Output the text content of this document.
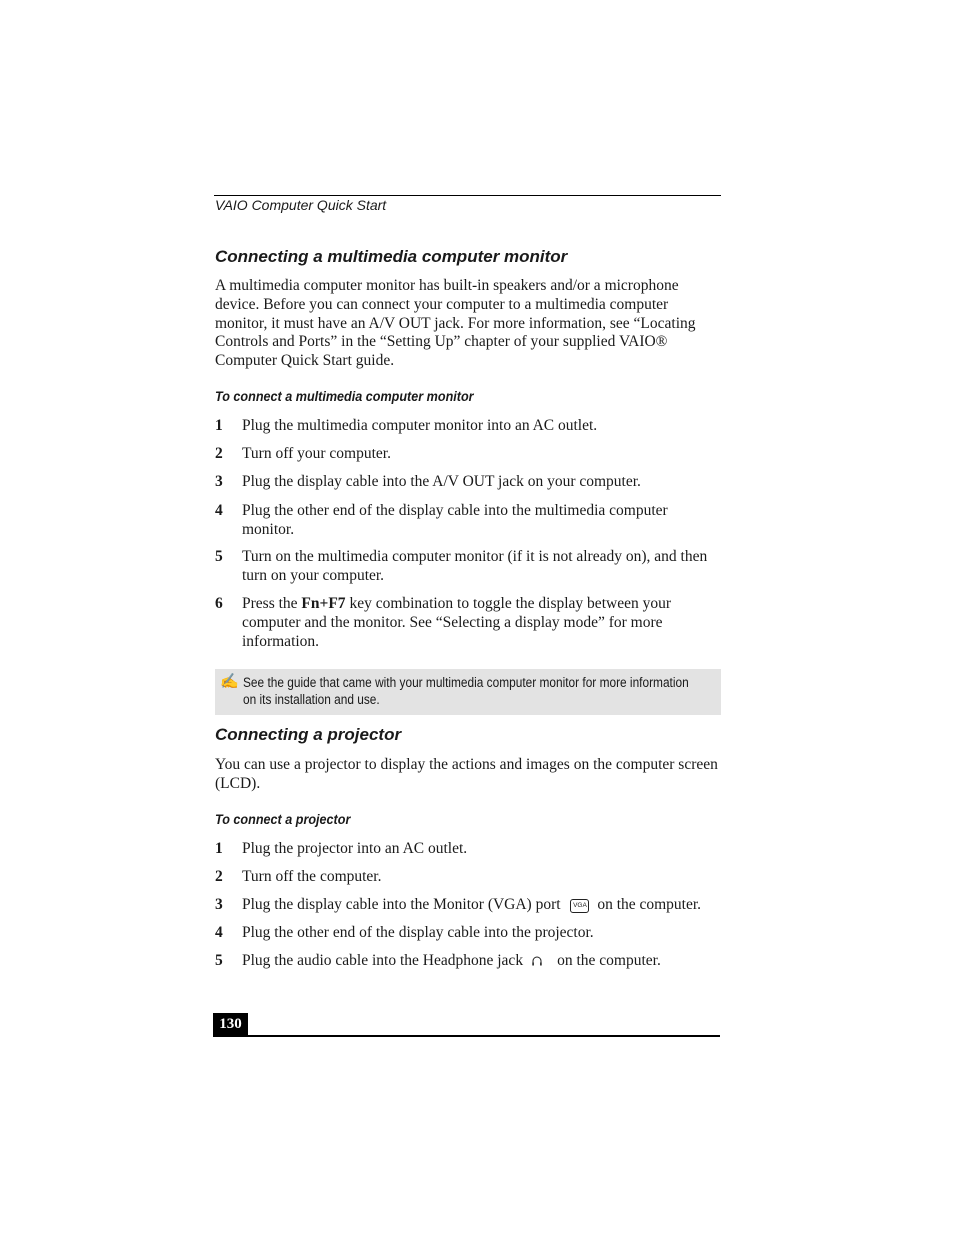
VAIO Computer Quick Start
Connecting a multimedia computer monitor
A multimedia computer monitor has built-in speakers and/or a microphone
device. Before you can connect your computer to a multimedia computer
monitor, it must have an A/V OUT jack. For more information, see “Locating
Controls and Ports” in the “Setting Up” chapter of your supplied VAIO®
Computer Quick Start guide.
To connect a multimedia computer monitor
1 Plug the multimedia computer monitor into an AC outlet.
2 Turn off your computer.
3 Plug the display cable into the A/V OUT jack on your computer.
4 Plug the other end of the display cable into the multimedia computer
monitor.
5 Turn on the multimedia computer monitor (if it is not already on), and then
turn on your computer.
6 Press the Fn+F7 key combination to toggle the display between your
computer and the monitor. See “Selecting a display mode” for more
information.
✍ See the guide that came with your multimedia computer monitor for more information
on its installation and use.
Connecting a projector
You can use a projector to display the actions and images on the computer screen
(LCD).
To connect a projector
1 Plug the projector into an AC outlet.
2 Turn off the computer.
3 Plug the display cable into the Monitor (VGA) port VGA on the computer.
4 Plug the other end of the display cable into the projector.
5 Plug the audio cable into the Headphone jack on the computer.
130
